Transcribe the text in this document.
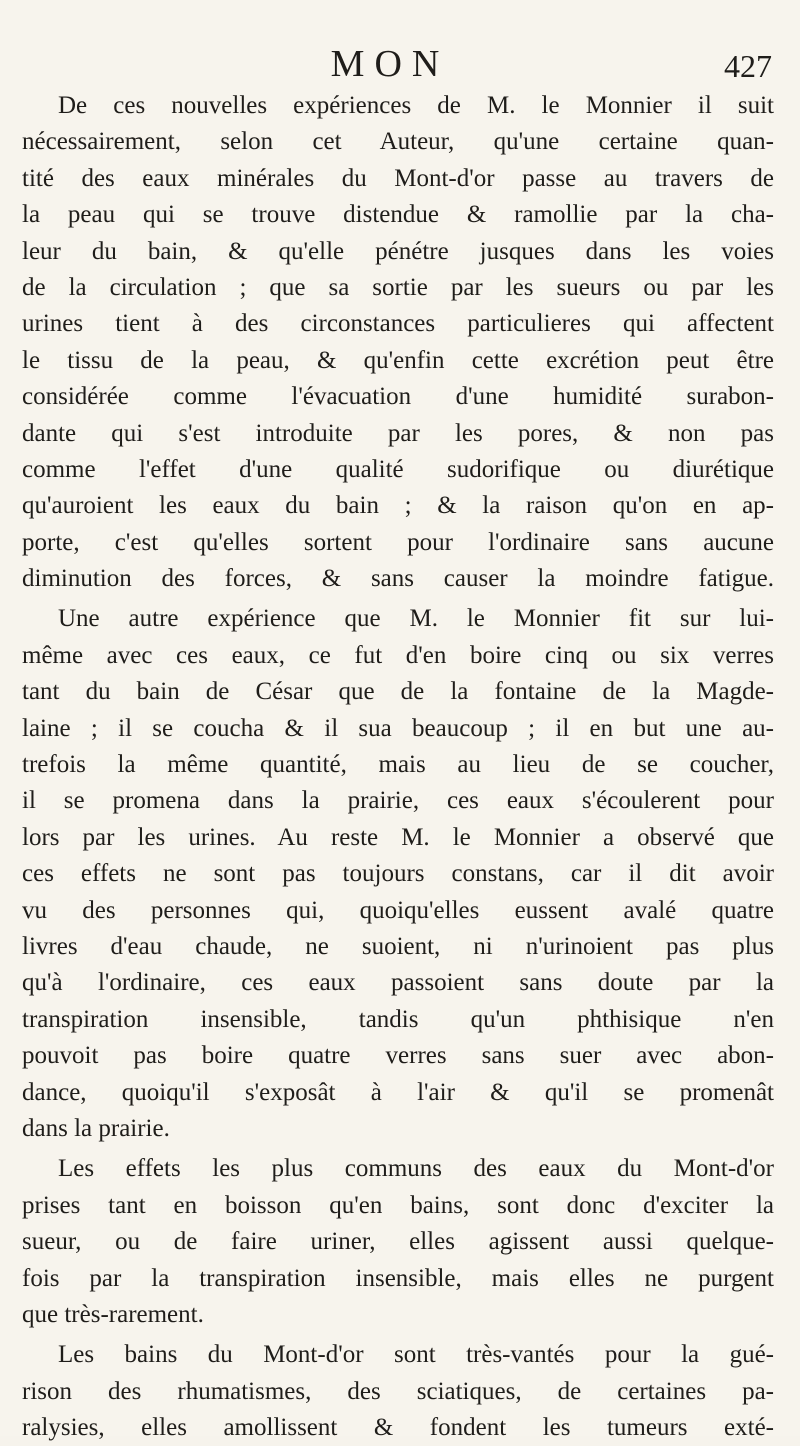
MON	427
De ces nouvelles expériences de M. le Monnier il suit
nécessairement, selon cet Auteur, qu'une certaine quan-
tité des eaux minérales du Mont-d'or passe au travers de
la peau qui se trouve distendue & ramollie par la cha-
leur du bain, & qu'elle pénétre jusques dans les voies
de la circulation ; que sa sortie par les sueurs ou par les
urines tient à des circonstances particulieres qui affectent
le tissu de la peau, & qu'enfin cette excrétion peut être
considérée comme l'évacuation d'une humidité surabon-
dante qui s'est introduite par les pores, & non pas
comme l'effet d'une qualité sudorifique ou diurétique
qu'auroient les eaux du bain ; & la raison qu'on en ap-
porte, c'est qu'elles sortent pour l'ordinaire sans aucune
diminution des forces, & sans causer la moindre fatigue.
Une autre expérience que M. le Monnier fit sur lui-
même avec ces eaux, ce fut d'en boire cinq ou six verres
tant du bain de César que de la fontaine de la Magde-
laine ; il se coucha & il sua beaucoup ; il en but une au-
trefois la même quantité, mais au lieu de se coucher,
il se promena dans la prairie, ces eaux s'écoulerent pour
lors par les urines. Au reste M. le Monnier a observé que
ces effets ne sont pas toujours constans, car il dit avoir
vu des personnes qui, quoiqu'elles eussent avalé quatre
livres d'eau chaude, ne suoient, ni n'urinoient pas plus
qu'à l'ordinaire, ces eaux passoient sans doute par la
transpiration insensible, tandis qu'un phthisique n'en
pouvoit pas boire quatre verres sans suer avec abon-
dance, quoiqu'il s'exposât à l'air & qu'il se promenât
dans la prairie.
Les effets les plus communs des eaux du Mont-d'or
prises tant en boisson qu'en bains, sont donc d'exciter la
sueur, ou de faire uriner, elles agissent aussi quelque-
fois par la transpiration insensible, mais elles ne purgent
que très-rarement.
Les bains du Mont-d'or sont très-vantés pour la gué-
rison des rhumatismes, des sciatiques, de certaines pa-
ralysies, elles amollissent & fondent les tumeurs exté-
